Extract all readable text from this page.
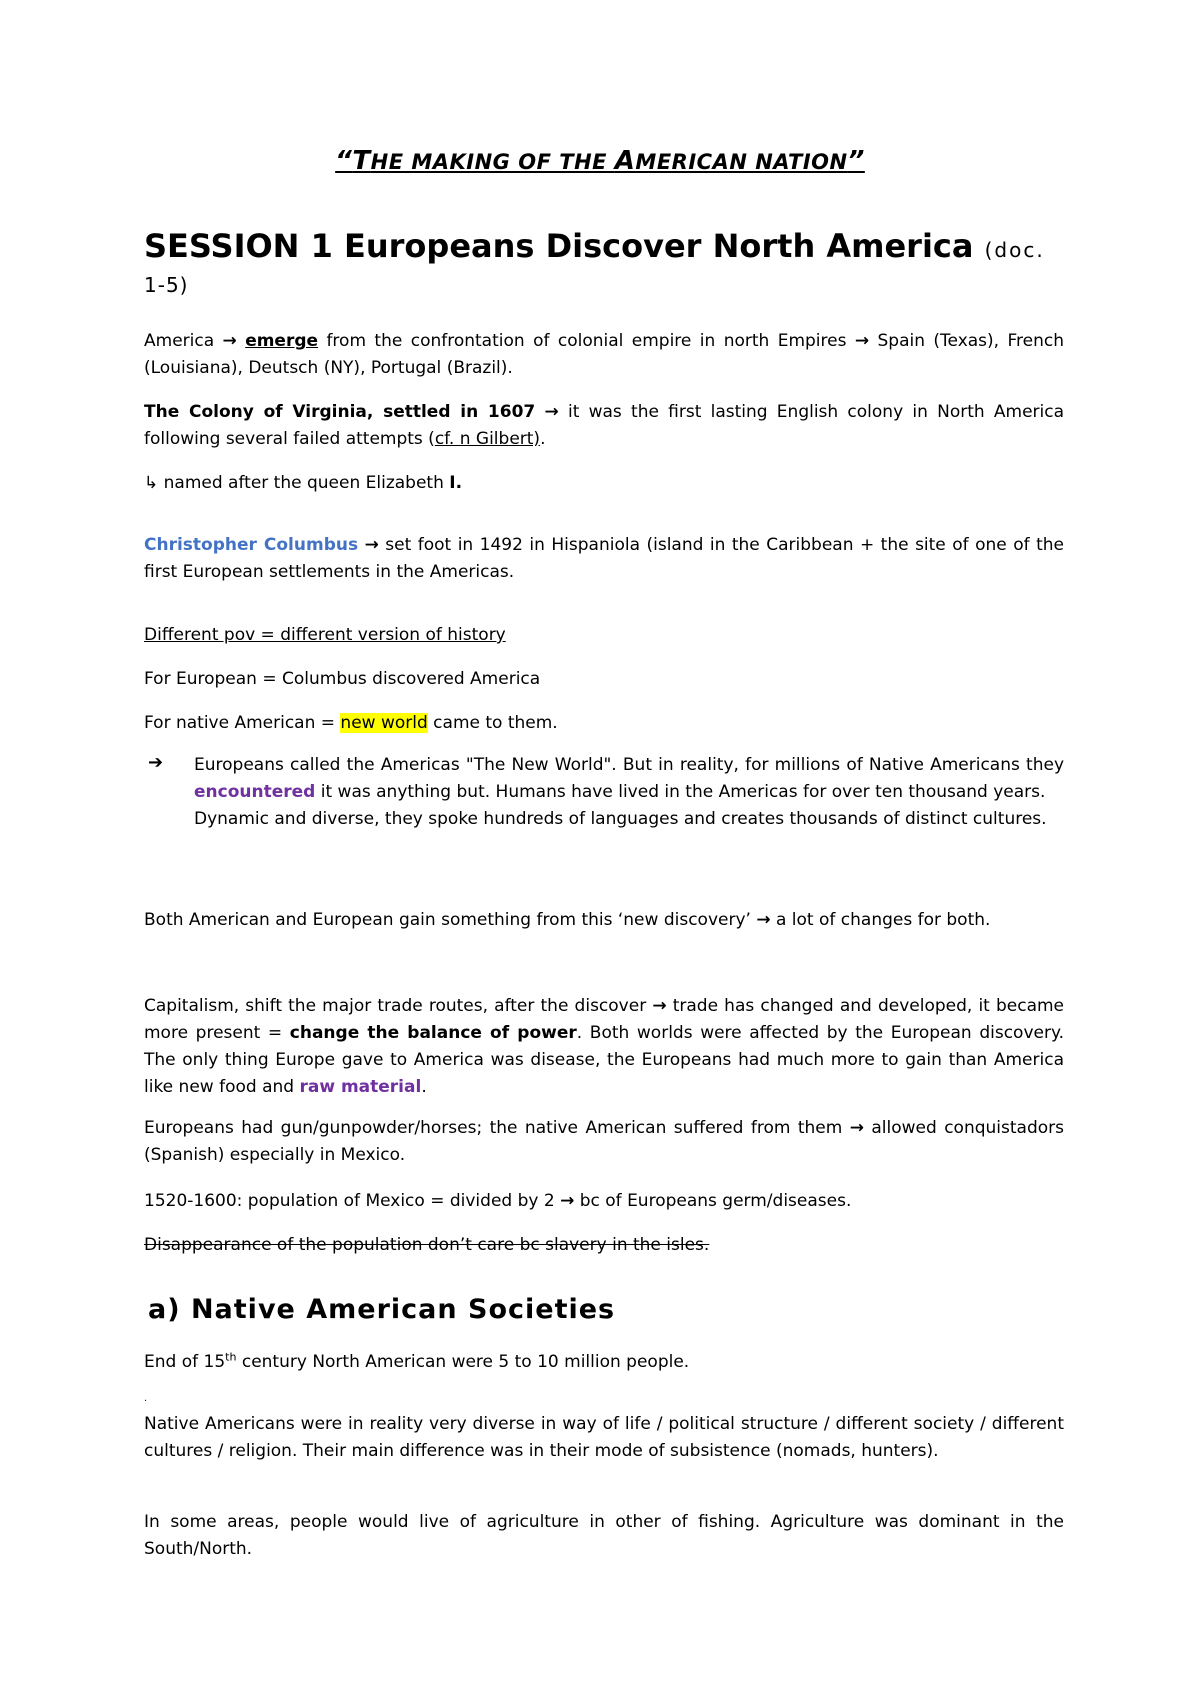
“THE MAKING OF THE AMERICAN NATION”
SESSION 1 Europeans Discover North America (doc.
1-5)

America → emerge from the confrontation of colonial empire in north Empires → Spain (Texas), French (Louisiana), Deutsch (NY), Portugal (Brazil).

The Colony of Virginia, settled in 1607 → it was the first lasting English colony in North America following several failed attempts (cf. n Gilbert).

↳ named after the queen Elizabeth I.

Christopher Columbus → set foot in 1492 in Hispaniola (island in the Caribbean + the site of one of the first European settlements in the Americas.

Different pov = different version of history

For European = Columbus discovered America

For native American = new world came to them.

➔ Europeans called the Americas "The New World". But in reality, for millions of Native Americans they encountered it was anything but. Humans have lived in the Americas for over ten thousand years.
Dynamic and diverse, they spoke hundreds of languages and creates thousands of distinct cultures.

Both American and European gain something from this ‘new discovery’ → a lot of changes for both.

Capitalism, shift the major trade routes, after the discover → trade has changed and developed, it became more present = change the balance of power. Both worlds were affected by the European discovery. The only thing Europe gave to America was disease, the Europeans had much more to gain than America like new food and raw material.

Europeans had gun/gunpowder/horses; the native American suffered from them → allowed conquistadors (Spanish) especially in Mexico.

1520-1600: population of Mexico = divided by 2 → bc of Europeans germ/diseases.

Disappearance of the population don’t care bc slavery in the isles.

a) Native American Societies

End of 15th century North American were 5 to 10 million people.

.

Native Americans were in reality very diverse in way of life / political structure / different society / different cultures / religion. Their main difference was in their mode of subsistence (nomads, hunters).

In some areas, people would live of agriculture in other of fishing. Agriculture was dominant in the South/North.
